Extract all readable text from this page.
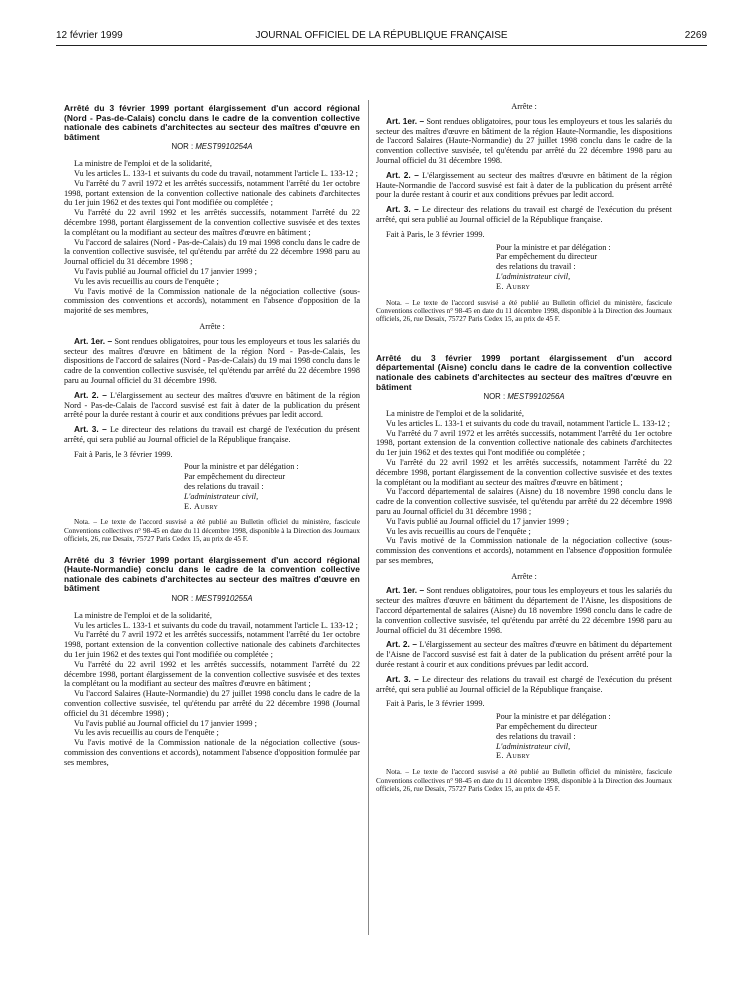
12 février 1999	JOURNAL OFFICIEL DE LA RÉPUBLIQUE FRANÇAISE	2269

Arrêté du 3 février 1999 portant élargissement d'un accord régional (Nord - Pas-de-Calais) conclu dans le cadre de la convention collective nationale des cabinets d'architectes au secteur des maîtres d'œuvre en bâtiment

NOR : MEST9910254A

La ministre de l'emploi et de la solidarité,

Vu les articles L. 133-1 et suivants du code du travail, notamment l'article L. 133-12 ;

Vu l'arrêté du 7 avril 1972 et les arrêtés successifs, notamment l'arrêté du 1er octobre 1998, portant extension de la convention collective nationale des cabinets d'architectes du 1er juin 1962 et des textes qui l'ont modifiée ou complétée ;

Vu l'arrêté du 22 avril 1992 et les arrêtés successifs, notamment l'arrêté du 22 décembre 1998, portant élargissement de la convention collective susvisée et des textes la complétant ou la modifiant au secteur des maîtres d'œuvre en bâtiment ;

Vu l'accord de salaires (Nord - Pas-de-Calais) du 19 mai 1998 conclu dans le cadre de la convention collective susvisée, tel qu'étendu par arrêté du 22 décembre 1998 paru au Journal officiel du 31 décembre 1998 ;

Vu l'avis publié au Journal officiel du 17 janvier 1999 ;

Vu les avis recueillis au cours de l'enquête ;

Vu l'avis motivé de la Commission nationale de la négociation collective (sous-commission des conventions et accords), notamment en l'absence d'opposition de la majorité de ses membres,

Arrête :

Art. 1er. – Sont rendues obligatoires, pour tous les employeurs et tous les salariés du secteur des maîtres d'œuvre en bâtiment de la région Nord - Pas-de-Calais, les dispositions de l'accord de salaires (Nord - Pas-de-Calais) du 19 mai 1998 conclu dans le cadre de la convention collective susvisée, tel qu'étendu par arrêté du 22 décembre 1998 paru au Journal officiel du 31 décembre 1998.

Art. 2. – L'élargissement au secteur des maîtres d'œuvre en bâtiment de la région Nord - Pas-de-Calais de l'accord susvisé est fait à dater de la publication du présent arrêté pour la durée restant à courir et aux conditions prévues par ledit accord.

Art. 3. – Le directeur des relations du travail est chargé de l'exécution du présent arrêté, qui sera publié au Journal officiel de la République française.

Fait à Paris, le 3 février 1999.

Pour la ministre et par délégation :

Par empêchement du directeur

des relations du travail :

L'administrateur civil,

E. Aubry

Nota. – Le texte de l'accord susvisé a été publié au Bulletin officiel du ministère, fascicule Conventions collectives n° 98-45 en date du 11 décembre 1998, disponible à la Direction des Journaux officiels, 26, rue Desaix, 75727 Paris Cedex 15, au prix de 45 F.

Arrêté du 3 février 1999 portant élargissement d'un accord régional (Haute-Normandie) conclu dans le cadre de la convention collective nationale des cabinets d'architectes au secteur des maîtres d'œuvre en bâtiment

NOR : MEST9910255A

La ministre de l'emploi et de la solidarité,

Vu les articles L. 133-1 et suivants du code du travail, notamment l'article L. 133-12 ;

Vu l'arrêté du 7 avril 1972 et les arrêtés successifs, notamment l'arrêté du 1er octobre 1998, portant extension de la convention collective nationale des cabinets d'architectes du 1er juin 1962 et des textes qui l'ont modifiée ou complétée ;

Vu l'arrêté du 22 avril 1992 et les arrêtés successifs, notamment l'arrêté du 22 décembre 1998, portant élargissement de la convention collective susvisée et des textes la complétant ou la modifiant au secteur des maîtres d'œuvre en bâtiment ;

Vu l'accord Salaires (Haute-Normandie) du 27 juillet 1998 conclu dans le cadre de la convention collective susvisée, tel qu'étendu par arrêté du 22 décembre 1998 (Journal officiel du 31 décembre 1998) ;

Vu l'avis publié au Journal officiel du 17 janvier 1999 ;

Vu les avis recueillis au cours de l'enquête ;

Vu l'avis motivé de la Commission nationale de la négociation collective (sous-commission des conventions et accords), notamment l'absence d'opposition formulée par ses membres,

Arrête :

Art. 1er. – Sont rendues obligatoires, pour tous les employeurs et tous les salariés du secteur des maîtres d'œuvre en bâtiment de la région Haute-Normandie, les dispositions de l'accord Salaires (Haute-Normandie) du 27 juillet 1998 conclu dans le cadre de la convention collective susvisée, tel qu'étendu par arrêté du 22 décembre 1998 paru au Journal officiel du 31 décembre 1998.

Art. 2. – L'élargissement au secteur des maîtres d'œuvre en bâtiment de la région Haute-Normandie de l'accord susvisé est fait à dater de la publication du présent arrêté pour la durée restant à courir et aux conditions prévues par ledit accord.

Art. 3. – Le directeur des relations du travail est chargé de l'exécution du présent arrêté, qui sera publié au Journal officiel de la République française.

Fait à Paris, le 3 février 1999.

Pour la ministre et par délégation :

Par empêchement du directeur

des relations du travail :

L'administrateur civil,

E. Aubry

Nota. – Le texte de l'accord susvisé a été publié au Bulletin officiel du ministère, fascicule Conventions collectives n° 98-45 en date du 11 décembre 1998, disponible à la Direction des Journaux officiels, 26, rue Desaix, 75727 Paris Cedex 15, au prix de 45 F.

Arrêté du 3 février 1999 portant élargissement d'un accord départemental (Aisne) conclu dans le cadre de la convention collective nationale des cabinets d'architectes au secteur des maîtres d'œuvre en bâtiment

NOR : MEST9910256A

La ministre de l'emploi et de la solidarité,

Vu les articles L. 133-1 et suivants du code du travail, notamment l'article L. 133-12 ;

Vu l'arrêté du 7 avril 1972 et les arrêtés successifs, notamment l'arrêté du 1er octobre 1998, portant extension de la convention collective nationale des cabinets d'architectes du 1er juin 1962 et des textes qui l'ont modifiée ou complétée ;

Vu l'arrêté du 22 avril 1992 et les arrêtés successifs, notamment l'arrêté du 22 décembre 1998, portant élargissement de la convention collective susvisée et des textes la complétant ou la modifiant au secteur des maîtres d'œuvre en bâtiment ;

Vu l'accord départemental de salaires (Aisne) du 18 novembre 1998 conclu dans le cadre de la convention collective susvisée, tel qu'étendu par arrêté du 22 décembre 1998 paru au Journal officiel du 31 décembre 1998 ;

Vu l'avis publié au Journal officiel du 17 janvier 1999 ;

Vu les avis recueillis au cours de l'enquête ;

Vu l'avis motivé de la Commission nationale de la négociation collective (sous-commission des conventions et accords), notamment en l'absence d'opposition formulée par ses membres,

Arrête :

Art. 1er. – Sont rendues obligatoires, pour tous les employeurs et tous les salariés du secteur des maîtres d'œuvre en bâtiment du département de l'Aisne, les dispositions de l'accord départemental de salaires (Aisne) du 18 novembre 1998 conclu dans le cadre de la convention collective susvisée, tel qu'étendu par arrêté du 22 décembre 1998 paru au Journal officiel du 31 décembre 1998.

Art. 2. – L'élargissement au secteur des maîtres d'œuvre en bâtiment du département de l'Aisne de l'accord susvisé est fait à dater de la publication du présent arrêté pour la durée restant à courir et aux conditions prévues par ledit accord.

Art. 3. – Le directeur des relations du travail est chargé de l'exécution du présent arrêté, qui sera publié au Journal officiel de la République française.

Fait à Paris, le 3 février 1999.

Pour la ministre et par délégation :

Par empêchement du directeur

des relations du travail :

L'administrateur civil,

E. Aubry

Nota. – Le texte de l'accord susvisé a été publié au Bulletin officiel du ministère, fascicule Conventions collectives n° 98-45 en date du 11 décembre 1998, disponible à la Direction des Journaux officiels, 26, rue Desaix, 75727 Paris Cedex 15, au prix de 45 F.
